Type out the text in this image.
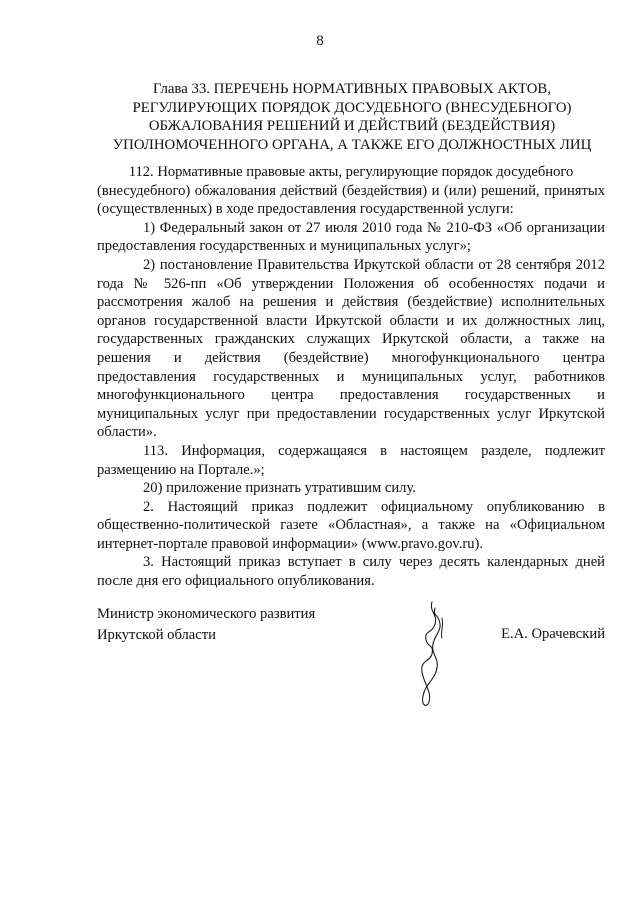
8
Глава 33. ПЕРЕЧЕНЬ НОРМАТИВНЫХ ПРАВОВЫХ АКТОВ,
РЕГУЛИРУЮЩИХ ПОРЯДОК ДОСУДЕБНОГО (ВНЕСУДЕБНОГО)
ОБЖАЛОВАНИЯ РЕШЕНИЙ И ДЕЙСТВИЙ (БЕЗДЕЙСТВИЯ)
УПОЛНОМОЧЕННОГО ОРГАНА, А ТАКЖЕ ЕГО ДОЛЖНОСТНЫХ ЛИЦ

112. Нормативные правовые акты, регулирующие порядок досудебного

(внесудебного) обжалования действий (бездействия) и (или) решений, принятых (осуществленных) в ходе предоставления государственной услуги:

1) Федеральный закон от 27 июля 2010 года № 210-ФЗ «Об организации предоставления государственных и муниципальных услуг»;

2) постановление Правительства Иркутской области от 28 сентября 2012 года № 526-пп «Об утверждении Положения об особенностях подачи и рассмотрения жалоб на решения и действия (бездействие) исполнительных органов государственной власти Иркутской области и их должностных лиц, государственных гражданских служащих Иркутской области, а также на решения и действия (бездействие) многофункционального центра предоставления государственных и муниципальных услуг, работников многофункционального центра предоставления государственных и муниципальных услуг при предоставлении государственных услуг Иркутской области».

113. Информация, содержащаяся в настоящем разделе, подлежит размещению на Портале.»;

20) приложение признать утратившим силу.

2. Настоящий приказ подлежит официальному опубликованию в общественно-политической газете «Областная», а также на «Официальном интернет-портале правовой информации» (www.pravo.gov.ru).

3. Настоящий приказ вступает в силу через десять календарных дней после дня его официального опубликования.

Министр экономического развития
Иркутской области	Е.А. Орачевский
